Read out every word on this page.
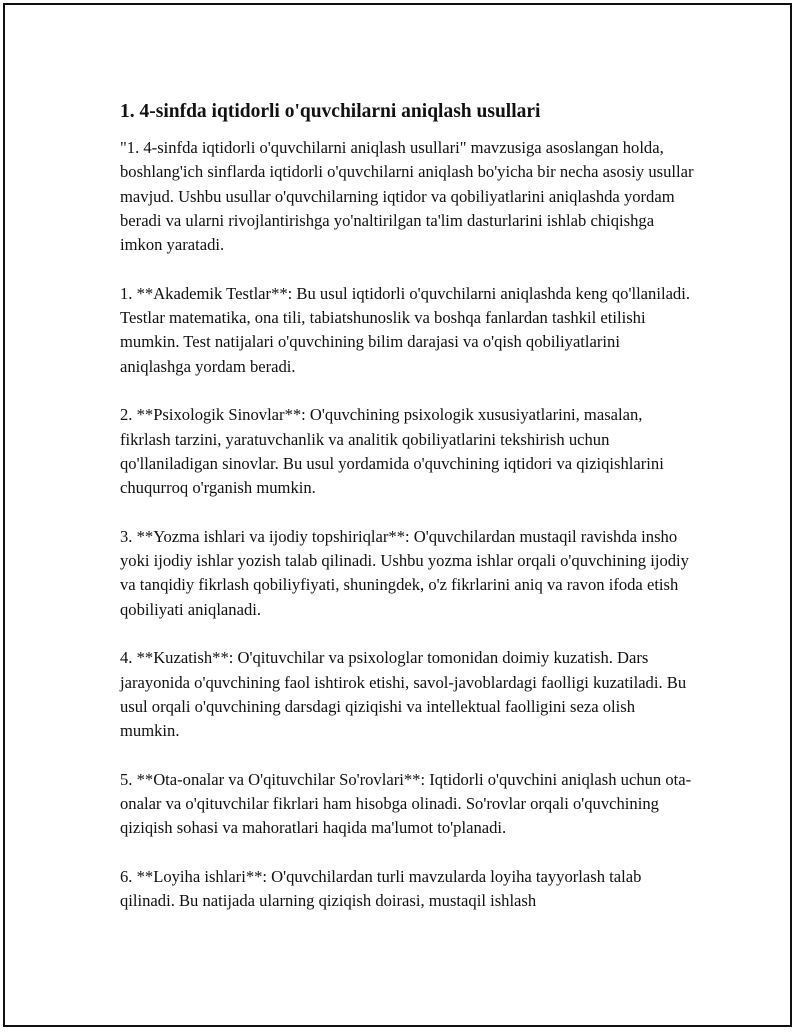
1. 4-sinfda iqtidorli o'quvchilarni aniqlash usullari

"1. 4-sinfda iqtidorli o'quvchilarni aniqlash usullari" mavzusiga asoslangan holda, boshlang'ich sinflarda iqtidorli o'quvchilarni aniqlash bo'yicha bir necha asosiy usullar mavjud. Ushbu usullar o'quvchilarning iqtidor va qobiliyatlarini aniqlashda yordam beradi va ularni rivojlantirishga yo'naltirilgan ta'lim dasturlarini ishlab chiqishga imkon yaratadi.

1. **Akademik Testlar**: Bu usul iqtidorli o'quvchilarni aniqlashda keng qo'llaniladi. Testlar matematika, ona tili, tabiatshunoslik va boshqa fanlardan tashkil etilishi mumkin. Test natijalari o'quvchining bilim darajasi va o'qish qobiliyatlarini aniqlashga yordam beradi.

2. **Psixologik Sinovlar**: O'quvchining psixologik xususiyatlarini, masalan, fikrlash tarzini, yaratuvchanlik va analitik qobiliyatlarini tekshirish uchun qo'llaniladigan sinovlar. Bu usul yordamida o'quvchining iqtidori va qiziqishlarini chuqurroq o'rganish mumkin.

3. **Yozma ishlari va ijodiy topshiriqlar**: O'quvchilardan mustaqil ravishda insho yoki ijodiy ishlar yozish talab qilinadi. Ushbu yozma ishlar orqali o'quvchining ijodiy va tanqidiy fikrlash qobiliyfiyati, shuningdek, o'z fikrlarini aniq va ravon ifoda etish qobiliyati aniqlanadi.

4. **Kuzatish**: O'qituvchilar va psixologlar tomonidan doimiy kuzatish. Dars jarayonida o'quvchining faol ishtirok etishi, savol-javoblardagi faolligi kuzatiladi. Bu usul orqali o'quvchining darsdagi qiziqishi va intellektual faolligini seza olish mumkin.

5. **Ota-onalar va O'qituvchilar So'rovlari**: Iqtidorli o'quvchini aniqlash uchun ota-onalar va o'qituvchilar fikrlari ham hisobga olinadi. So'rovlar orqali o'quvchining qiziqish sohasi va mahoratlari haqida ma'lumot to'planadi.

6. **Loyiha ishlari**: O'quvchilardan turli mavzularda loyiha tayyorlash talab qilinadi. Bu natijada ularning qiziqish doirasi, mustaqil ishlash
